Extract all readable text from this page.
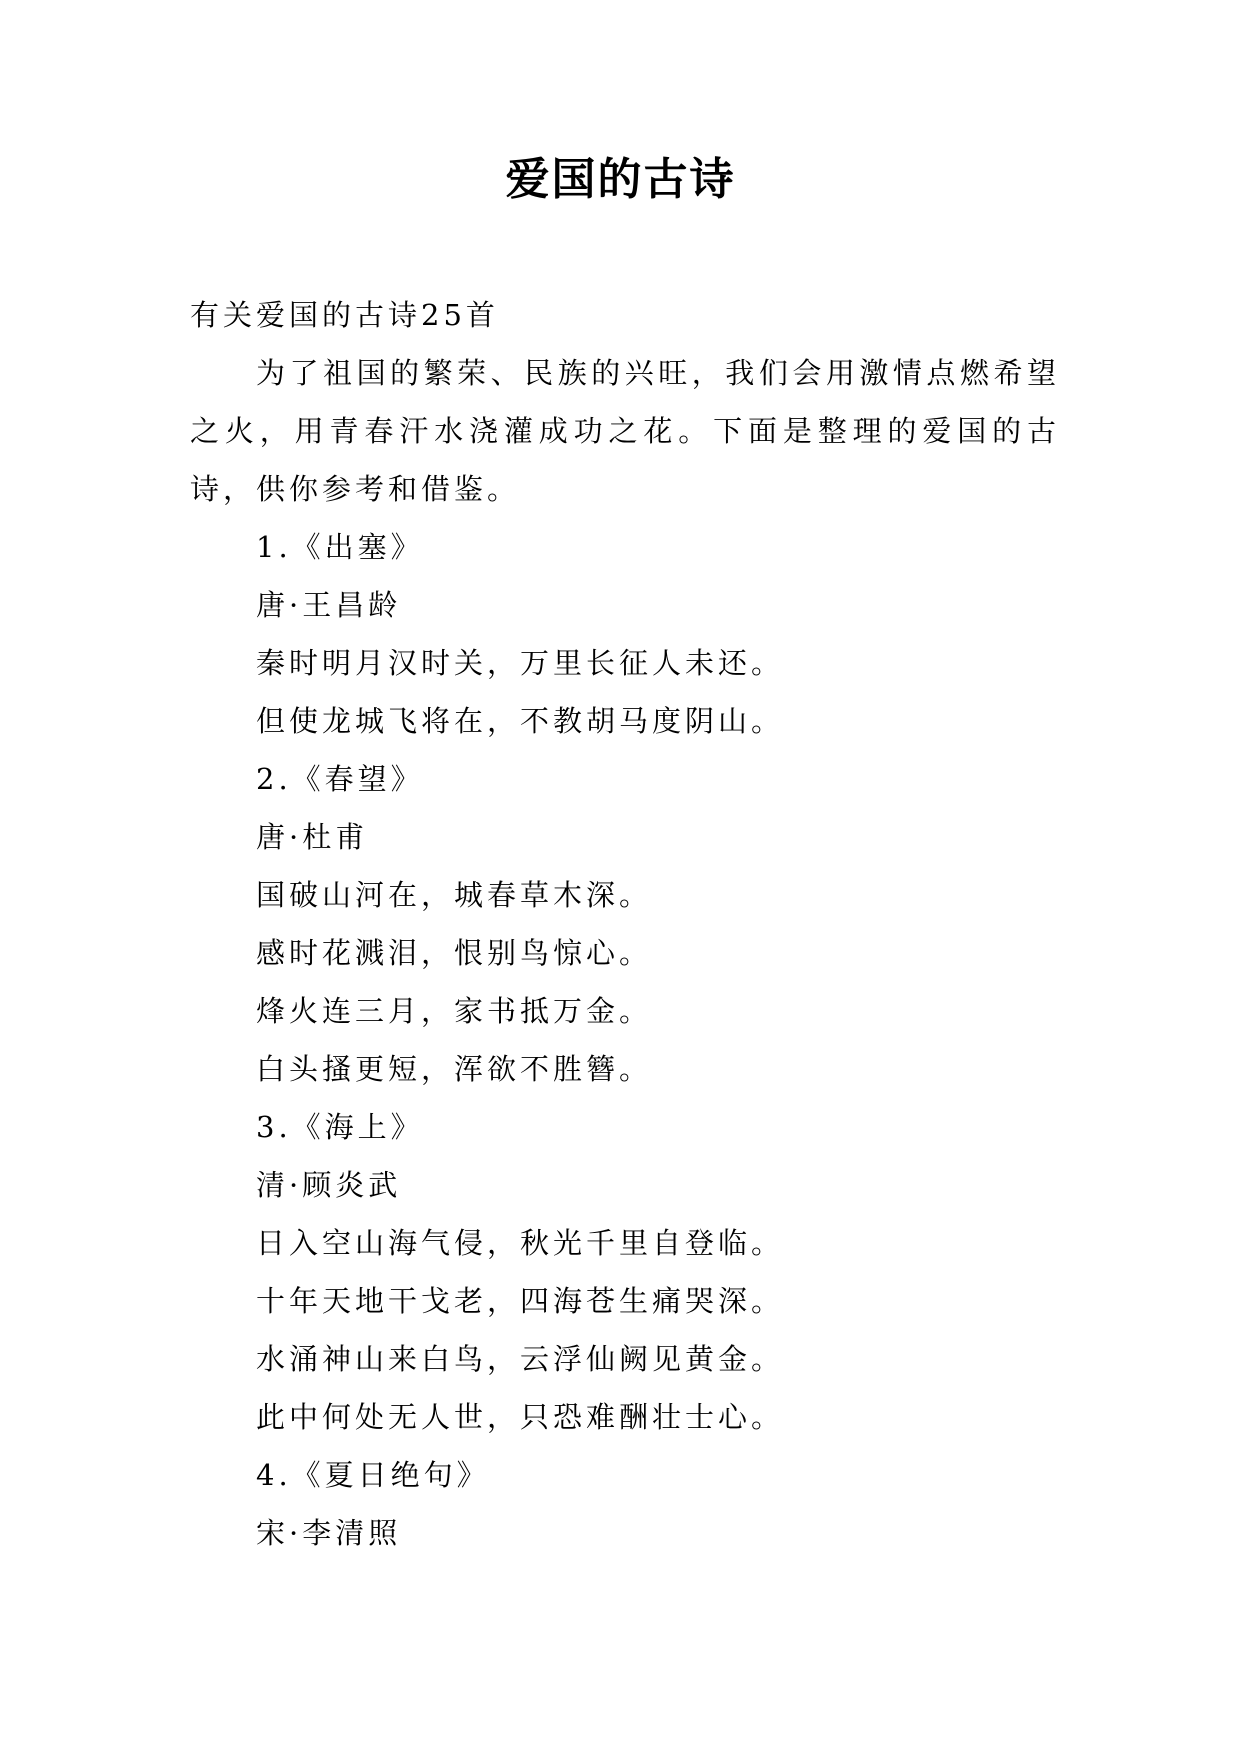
爱国的古诗
有关爱国的古诗25首
为了祖国的繁荣、民族的兴旺，我们会用激情点燃希望之火，用青春汗水浇灌成功之花。下面是整理的爱国的古诗，供你参考和借鉴。
1.《出塞》
唐·王昌龄
秦时明月汉时关，万里长征人未还。
但使龙城飞将在，不教胡马度阴山。
2.《春望》
唐·杜甫
国破山河在，城春草木深。
感时花溅泪，恨别鸟惊心。
烽火连三月，家书抵万金。
白头搔更短，浑欲不胜簪。
3.《海上》
清·顾炎武
日入空山海气侵，秋光千里自登临。
十年天地干戈老，四海苍生痛哭深。
水涌神山来白鸟，云浮仙阙见黄金。
此中何处无人世，只恐难酬壮士心。
4.《夏日绝句》
宋·李清照
